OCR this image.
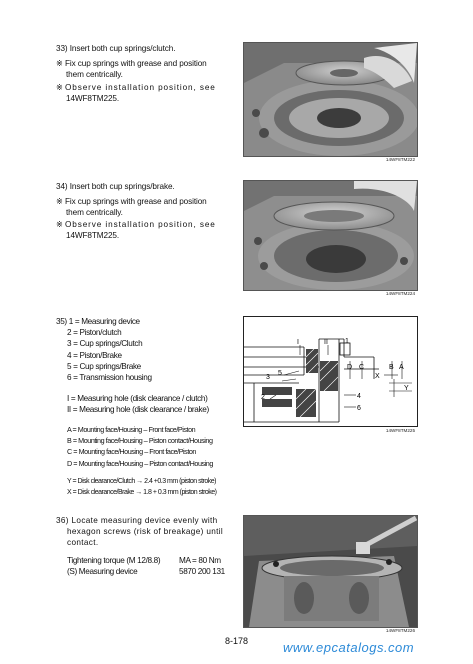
33) Insert both cup springs/clutch.
※ Fix cup springs with grease and position
them centrically.
※Observe installation position, see
14WF8TM225.
14WF8TM222
34) Insert both cup springs/brake.
※ Fix cup springs with grease and position
them centrically.
※Observe installation position, see
14WF8TM225.
14WF8TM224
35) 1 = Measuring device
2 = Piston/clutch
3 = Cup springs/Clutch
4 = Piston/Brake
5 = Cup springs/Brake
6 = Transmission housing
I = Measuring hole (disk clearance / clutch)
II = Measuring hole (disk clearance / brake)
A = Mounting face/Housing – Front face/Piston
B = Mounting face/Housing – Piston contact/Housing
C = Mounting face/Housing – Front face/Piston
D = Mounting face/Housing – Piston contact/Housing
Y = Disk clearance/Clutch → 2.4 +0.3 mm (piston stroke)
X = Disk clearance/Brake → 1.8 + 0.3 mm (piston stroke)
I	II 1
2
3
4
5
6
D C	B A
X
Y
14WF8TM225
36) Locate measuring device evenly with
hexagon screws (risk of breakage) until
contact.
Tightening torque (M 12/8.8)	MA = 80 Nm
(S) Measuring device	5870 200 131
14WF8TM226
8-178	www.epcatalogs.com
